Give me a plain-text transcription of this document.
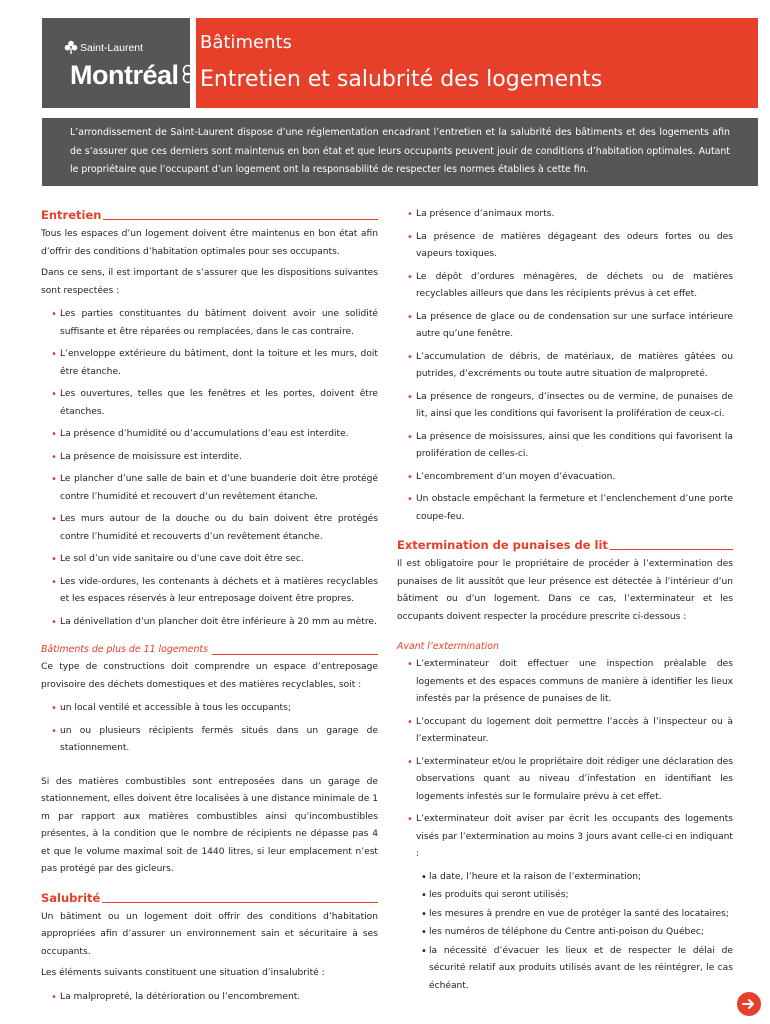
Saint-Laurent
Montréal
Bâtiments
Entretien et salubrité des logements
L’arrondissement de Saint-Laurent dispose d’une réglementation encadrant l’entretien et la salubrité des bâtiments et des logements afin de s’assurer que ces derniers sont maintenus en bon état et que leurs occupants peuvent jouir de conditions d’habitation optimales. Autant le propriétaire que l’occupant d’un logement ont la responsabilité de respecter les normes établies à cette fin.
Entretien

Tous les espaces d’un logement doivent être maintenus en bon état afin d’offrir des conditions d’habitation optimales pour ses occupants.

Dans ce sens, il est important de s’assurer que les dispositions suivantes sont respectées :

• Les parties constituantes du bâtiment doivent avoir une solidité suffisante et être réparées ou remplacées, dans le cas contraire.
• L’enveloppe extérieure du bâtiment, dont la toiture et les murs, doit être étanche.
• Les ouvertures, telles que les fenêtres et les portes, doivent être étanches.
• La présence d’humidité ou d’accumulations d’eau est interdite.
• La présence de moisissure est interdite.
• Le plancher d’une salle de bain et d’une buanderie doit être protégé contre l’humidité et recouvert d’un revêtement étanche.
• Les murs autour de la douche ou du bain doivent être protégés contre l’humidité et recouverts d’un revêtement étanche.
• Le sol d’un vide sanitaire ou d’une cave doit être sec.
• Les vide-ordures, les contenants à déchets et à matières recyclables et les espaces réservés à leur entreposage doivent être propres.
• La dénivellation d’un plancher doit être inférieure à 20 mm au mètre.
Bâtiments de plus de 11 logements

Ce type de constructions doit comprendre un espace d’entreposage provisoire des déchets domestiques et des matières recyclables, soit :

• un local ventilé et accessible à tous les occupants;
• un ou plusieurs récipients fermés situés dans un garage de stationnement.

Si des matières combustibles sont entreposées dans un garage de stationnement, elles doivent être localisées à une distance minimale de 1 m par rapport aux matières combustibles ainsi qu’incombustibles présentes, à la condition que le nombre de récipients ne dépasse pas 4 et que le volume maximal soit de 1440 litres, si leur emplacement n’est pas protégé par des gicleurs.

Salubrité

Un bâtiment ou un logement doit offrir des conditions d’habitation appropriées afin d’assurer un environnement sain et sécuritaire à ses occupants.

Les éléments suivants constituent une situation d’insalubrité :

• La malpropreté, la détérioration ou l’encombrement.
• La présence d’animaux morts.
• La présence de matières dégageant des odeurs fortes ou des vapeurs toxiques.
• Le dépôt d’ordures ménagères, de déchets ou de matières recyclables ailleurs que dans les récipients prévus à cet effet.
• La présence de glace ou de condensation sur une surface intérieure autre qu’une fenêtre.
• L’accumulation de débris, de matériaux, de matières gâtées ou putrides, d’excréments ou toute autre situation de malpropreté.
• La présence de rongeurs, d’insectes ou de vermine, de punaises de lit, ainsi que les conditions qui favorisent la prolifération de ceux-ci.
• La présence de moisissures, ainsi que les conditions qui favorisent la prolifération de celles-ci.
• L’encombrement d’un moyen d’évacuation.
• Un obstacle empêchant la fermeture et l’enclenchement d’une porte coupe-feu.
Extermination de punaises de lit

Il est obligatoire pour le propriétaire de procéder à l’extermination des punaises de lit aussitôt que leur présence est détectée à l’intérieur d’un bâtiment ou d’un logement. Dans ce cas, l’exterminateur et les occupants doivent respecter la procédure prescrite ci-dessous :

Avant l’extermination
• L’exterminateur doit effectuer une inspection préalable des logements et des espaces communs de manière à identifier les lieux infestés par la présence de punaises de lit.
• L’occupant du logement doit permettre l’accès à l’inspecteur ou à l’exterminateur.
• L’exterminateur et/ou le propriétaire doit rédiger une déclaration des observations quant au niveau d’infestation en identifiant les logements infestés sur le formulaire prévu à cet effet.
• L’exterminateur doit aviser par écrit les occupants des logements visés par l’extermination au moins 3 jours avant celle-ci en indiquant :
• la date, l’heure et la raison de l’extermination;
• les produits qui seront utilisés;
• les mesures à prendre en vue de protéger la santé des locataires;
• les numéros de téléphone du Centre anti-poison du Québec;
• la nécessité d’évacuer les lieux et de respecter le délai de sécurité relatif aux produits utilisés avant de les réintégrer, le cas échéant.
